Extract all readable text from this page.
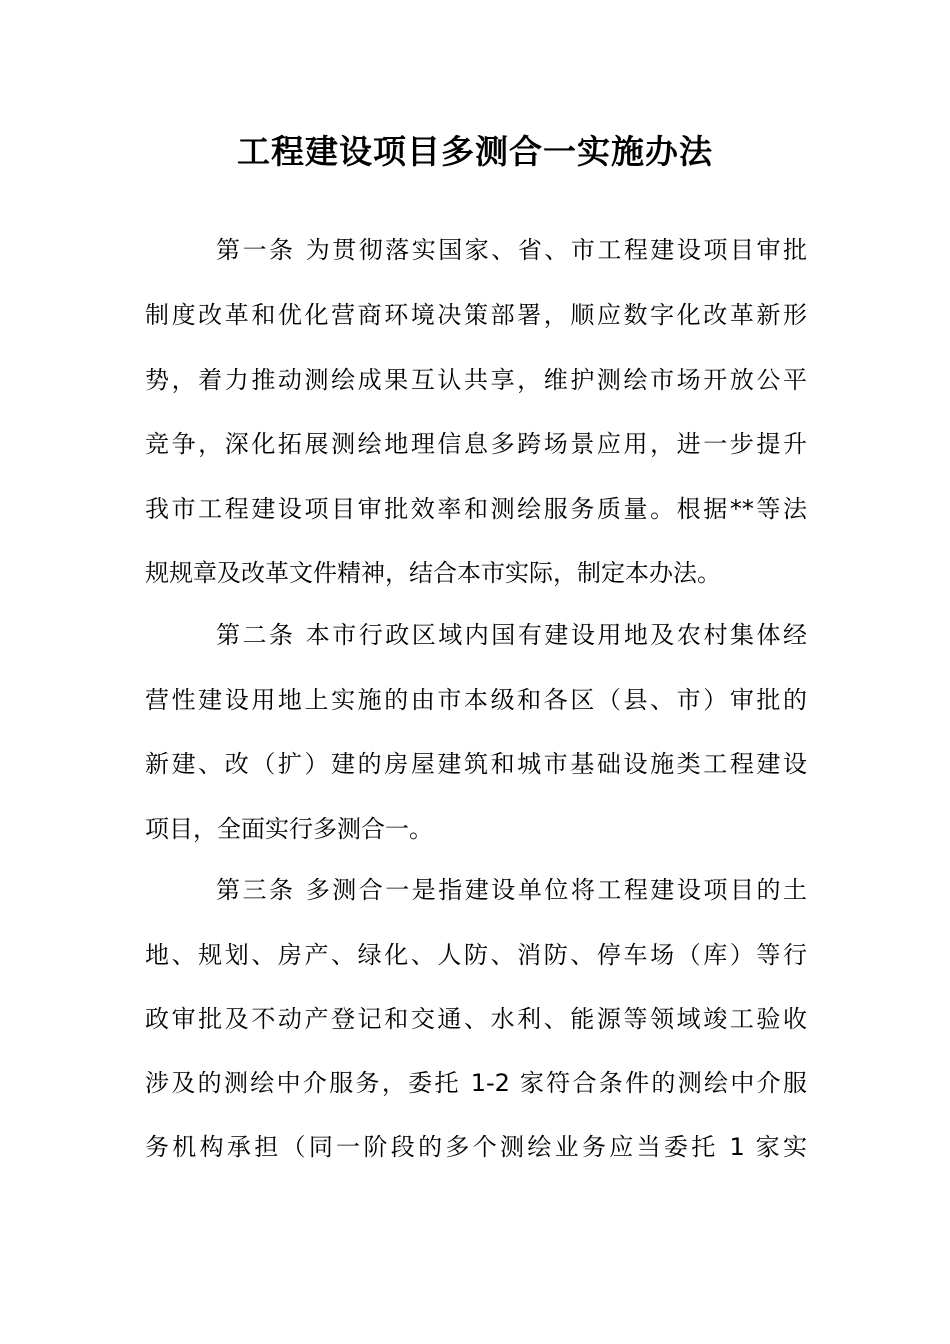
工程建设项目多测合一实施办法

第一条 为贯彻落实国家、省、市工程建设项目审批

制度改革和优化营商环境决策部署，顺应数字化改革新形

势，着力推动测绘成果互认共享，维护测绘市场开放公平

竞争，深化拓展测绘地理信息多跨场景应用，进一步提升

我市工程建设项目审批效率和测绘服务质量。根据**等法

规规章及改革文件精神，结合本市实际，制定本办法。

第二条 本市行政区域内国有建设用地及农村集体经

营性建设用地上实施的由市本级和各区（县、市）审批的

新建、改（扩）建的房屋建筑和城市基础设施类工程建设

项目，全面实行多测合一。

第三条 多测合一是指建设单位将工程建设项目的土

地、规划、房产、绿化、人防、消防、停车场（库）等行

政审批及不动产登记和交通、水利、能源等领域竣工验收

涉及的测绘中介服务，委托 1-2 家符合条件的测绘中介服

务机构承担（同一阶段的多个测绘业务应当委托 1 家实
